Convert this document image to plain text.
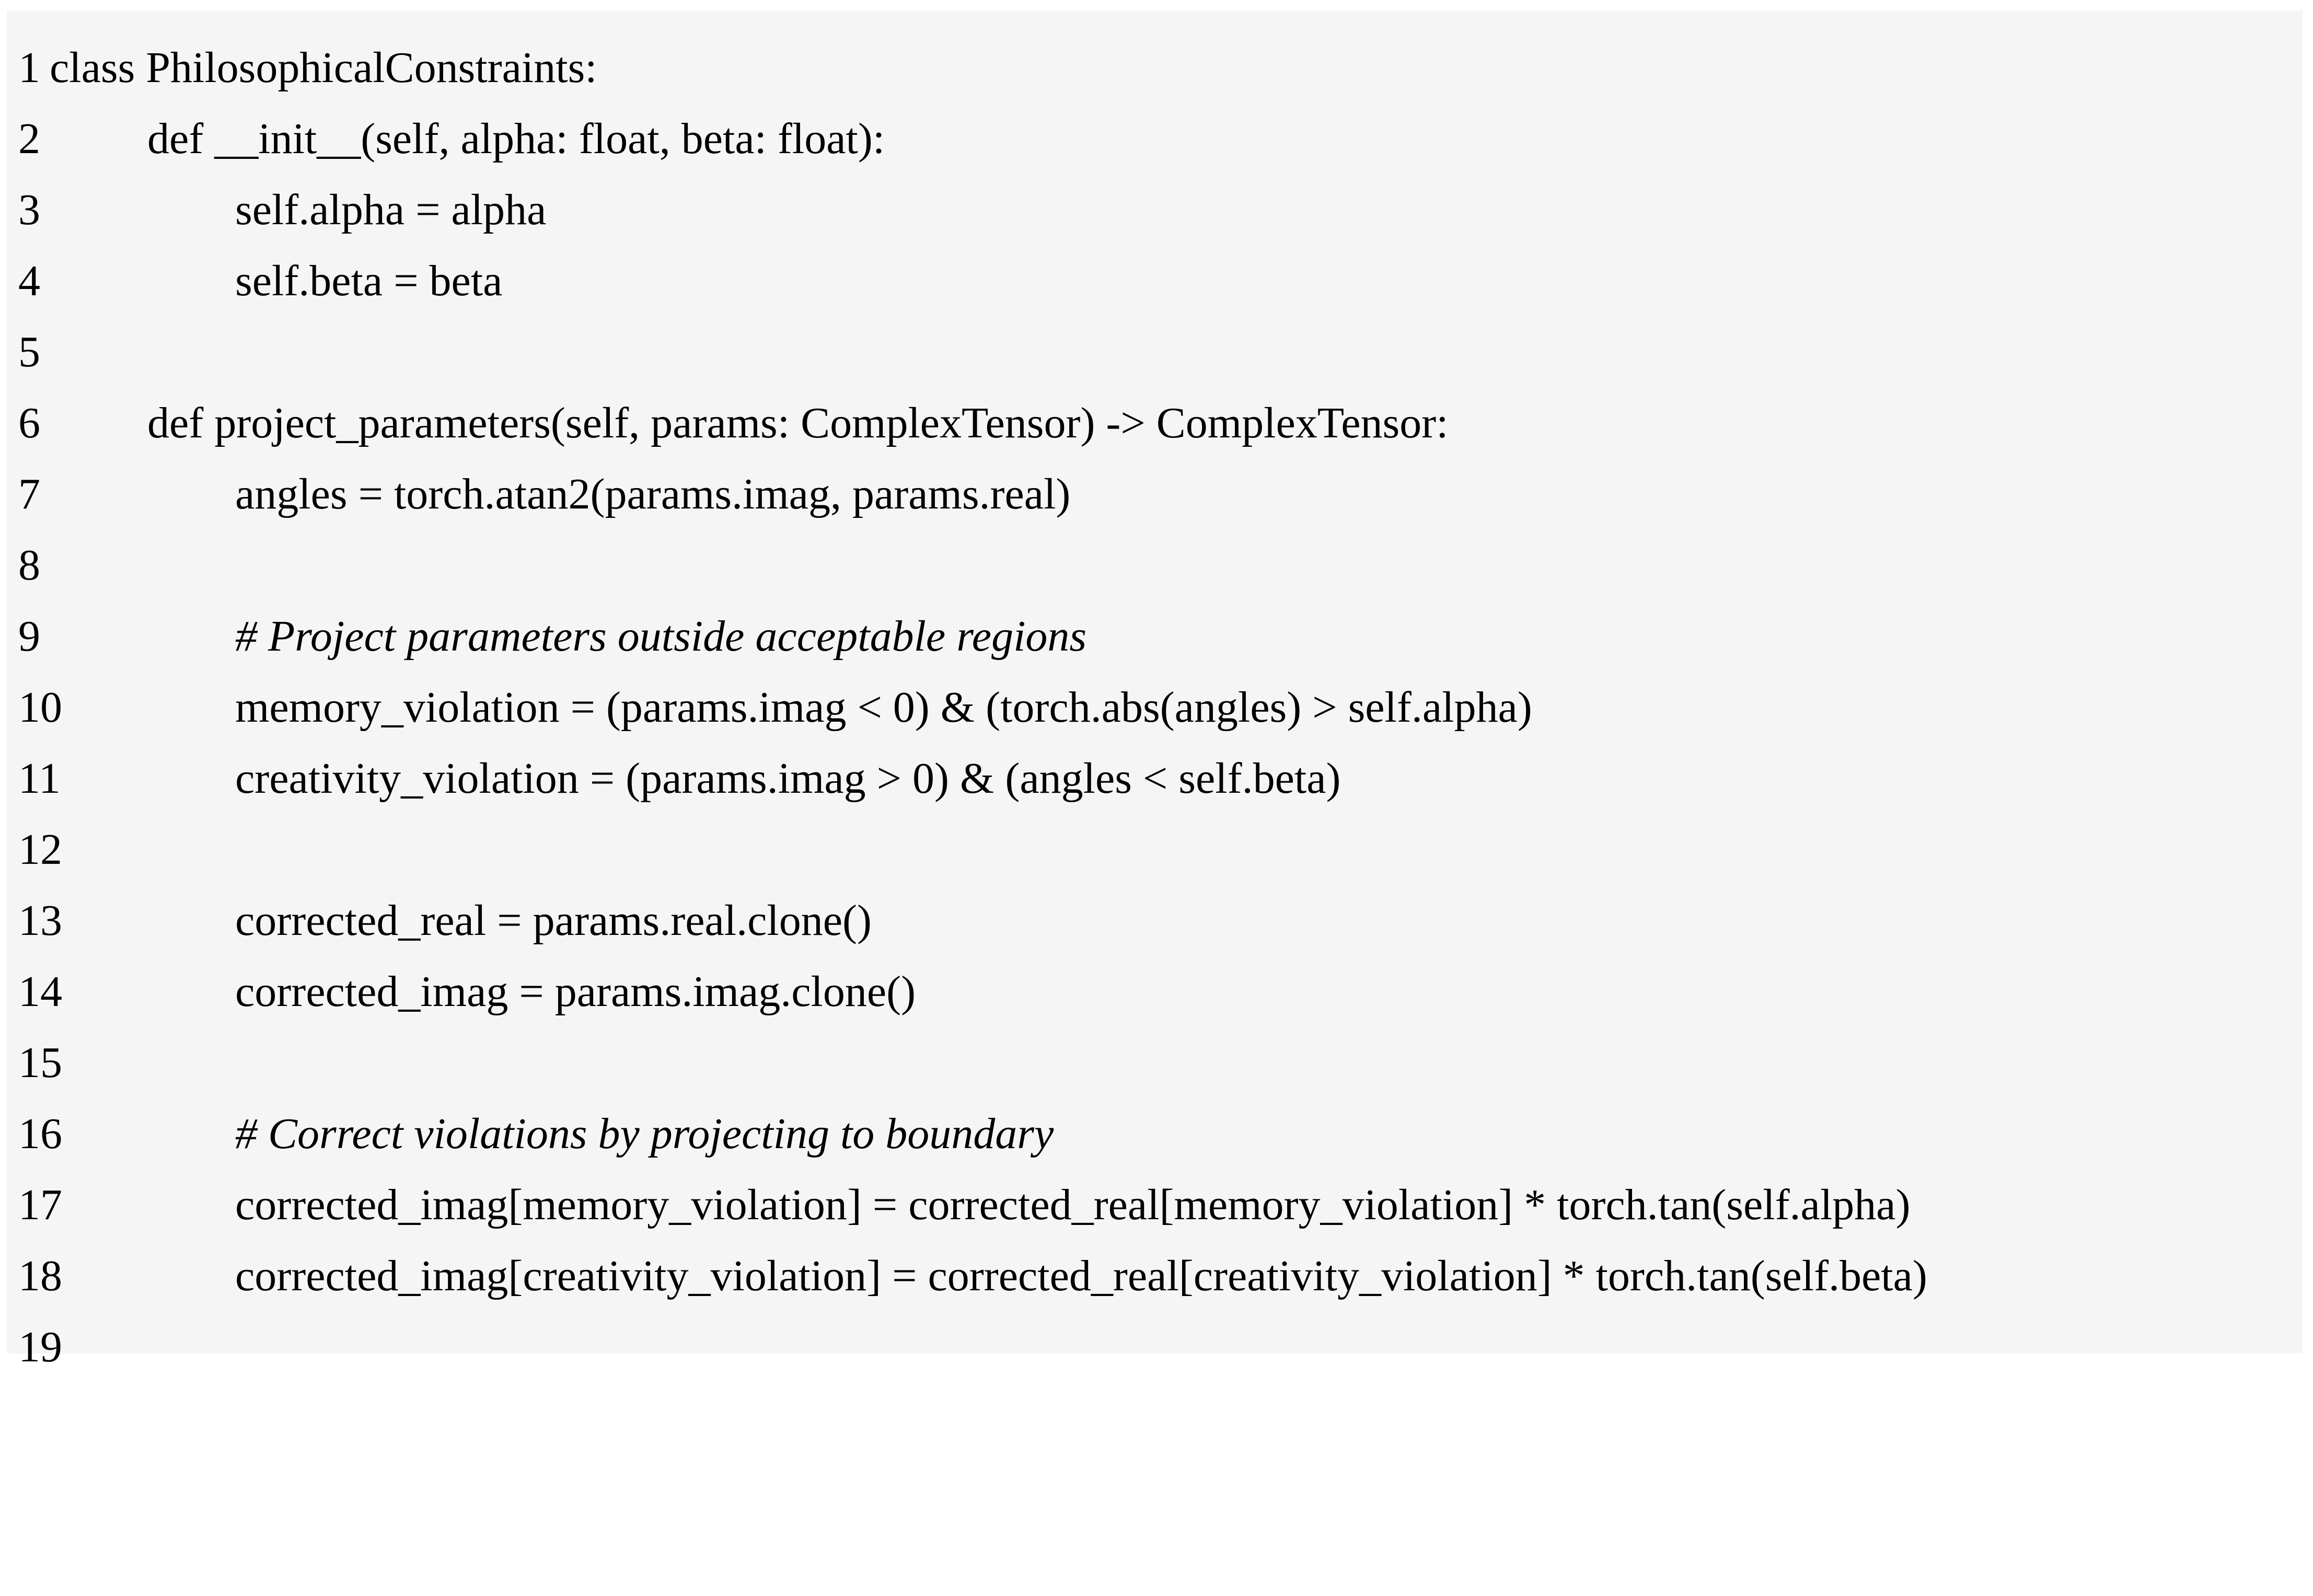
1

class PhilosophicalConstraints:

2

def __init__(self, alpha: float, beta: float):

3

	self.alpha = alpha

4

	self.beta = beta

5

6

def project_parameters(self, params: ComplexTensor) -> ComplexTensor:

7

	angles = torch.atan2(params.imag, params.real)

8

9

	# Project parameters outside acceptable regions

10

	memory_violation = (params.imag < 0) & (torch.abs(angles) > self.alpha)

11

	creativity_violation = (params.imag > 0) & (angles < self.beta)

12

13

	corrected_real = params.real.clone()

14

	corrected_imag = params.imag.clone()

15

16

	# Correct violations by projecting to boundary

17

	corrected_imag[memory_violation] = corrected_real[memory_violation] * torch.tan(self.alpha)

18

	corrected_imag[creativity_violation] = corrected_real[creativity_violation] * torch.tan(self.beta)

19
